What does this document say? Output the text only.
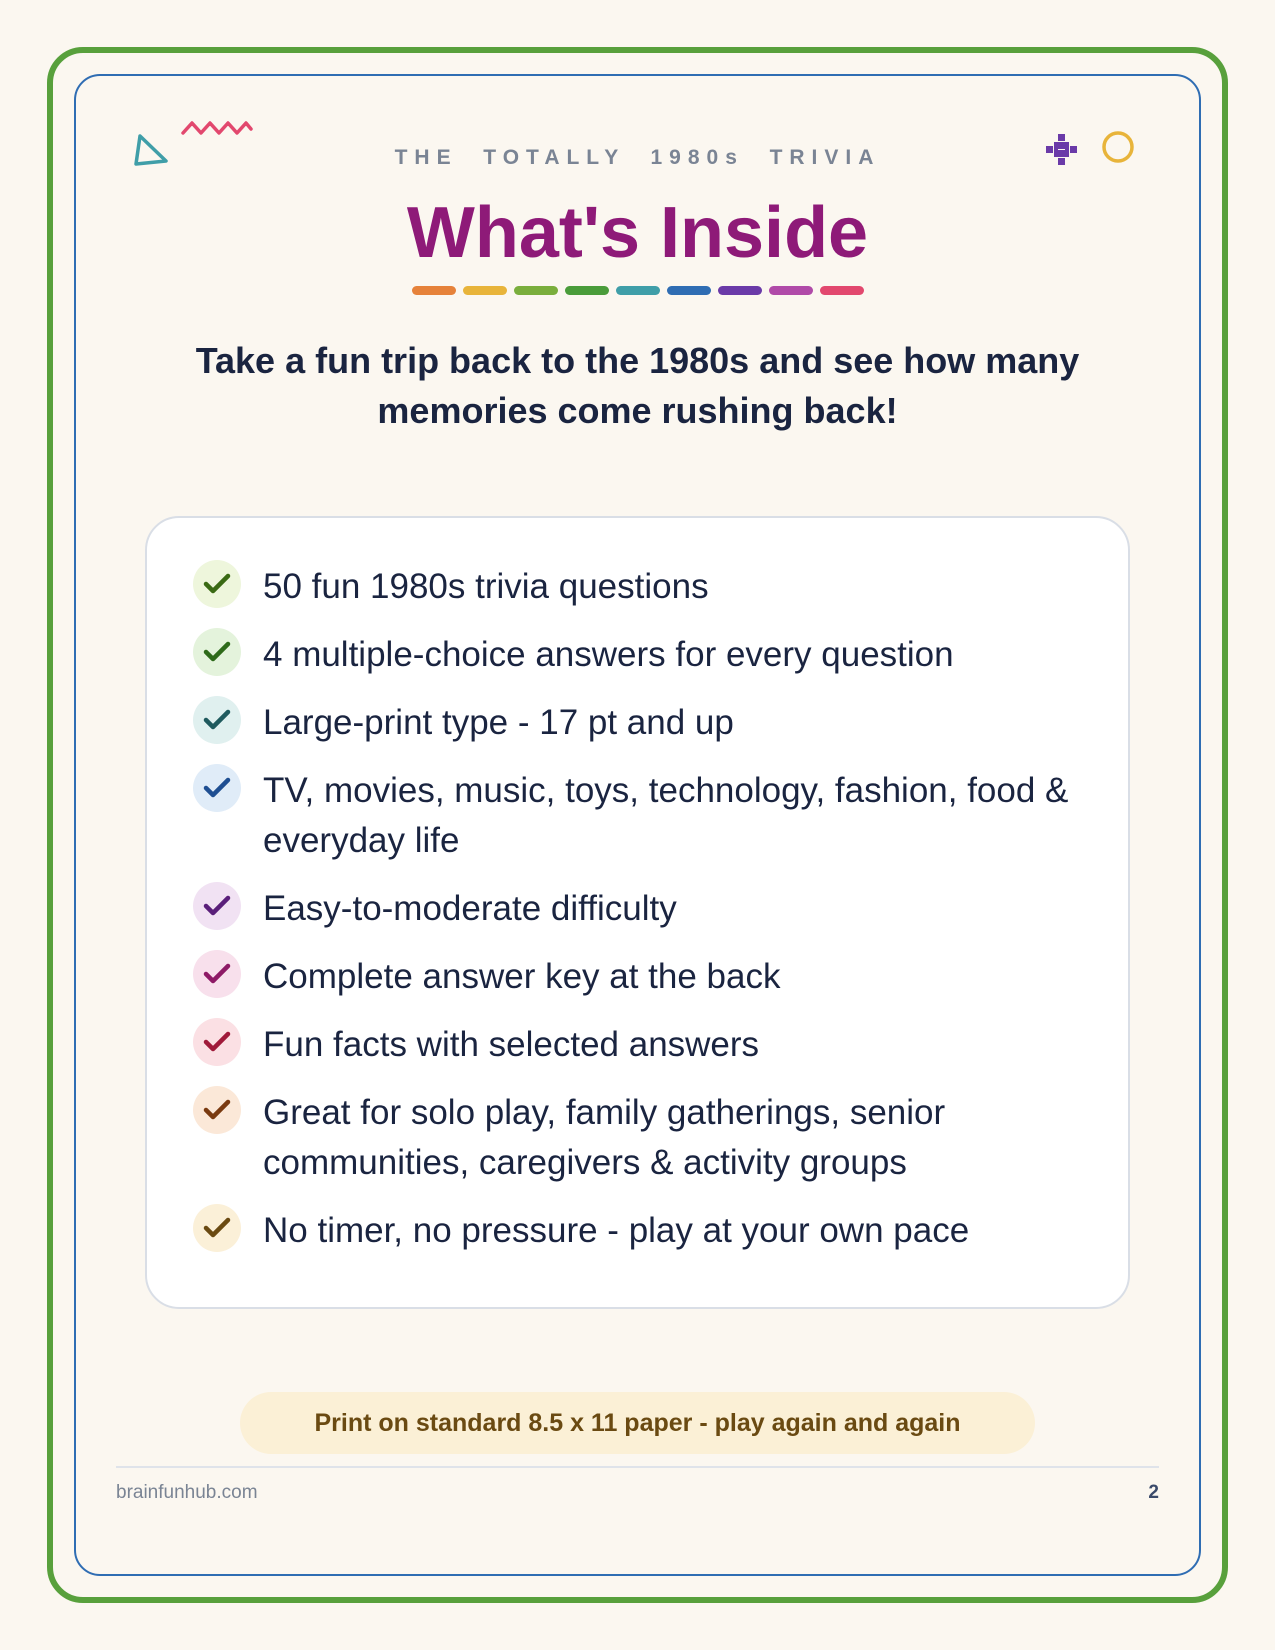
THE  TOTALLY  1980s  TRIVIA
What's Inside

Take a fun trip back to the 1980s and see how many memories come rushing back!

50 fun 1980s trivia questions
4 multiple-choice answers for every question
Large-print type - 17 pt and up
TV, movies, music, toys, technology, fashion, food & everyday life
Easy-to-moderate difficulty
Complete answer key at the back
Fun facts with selected answers
Great for solo play, family gatherings, senior communities, caregivers & activity groups
No timer, no pressure - play at your own pace
Print on standard 8.5 x 11 paper - play again and again
brainfunhub.com	2
